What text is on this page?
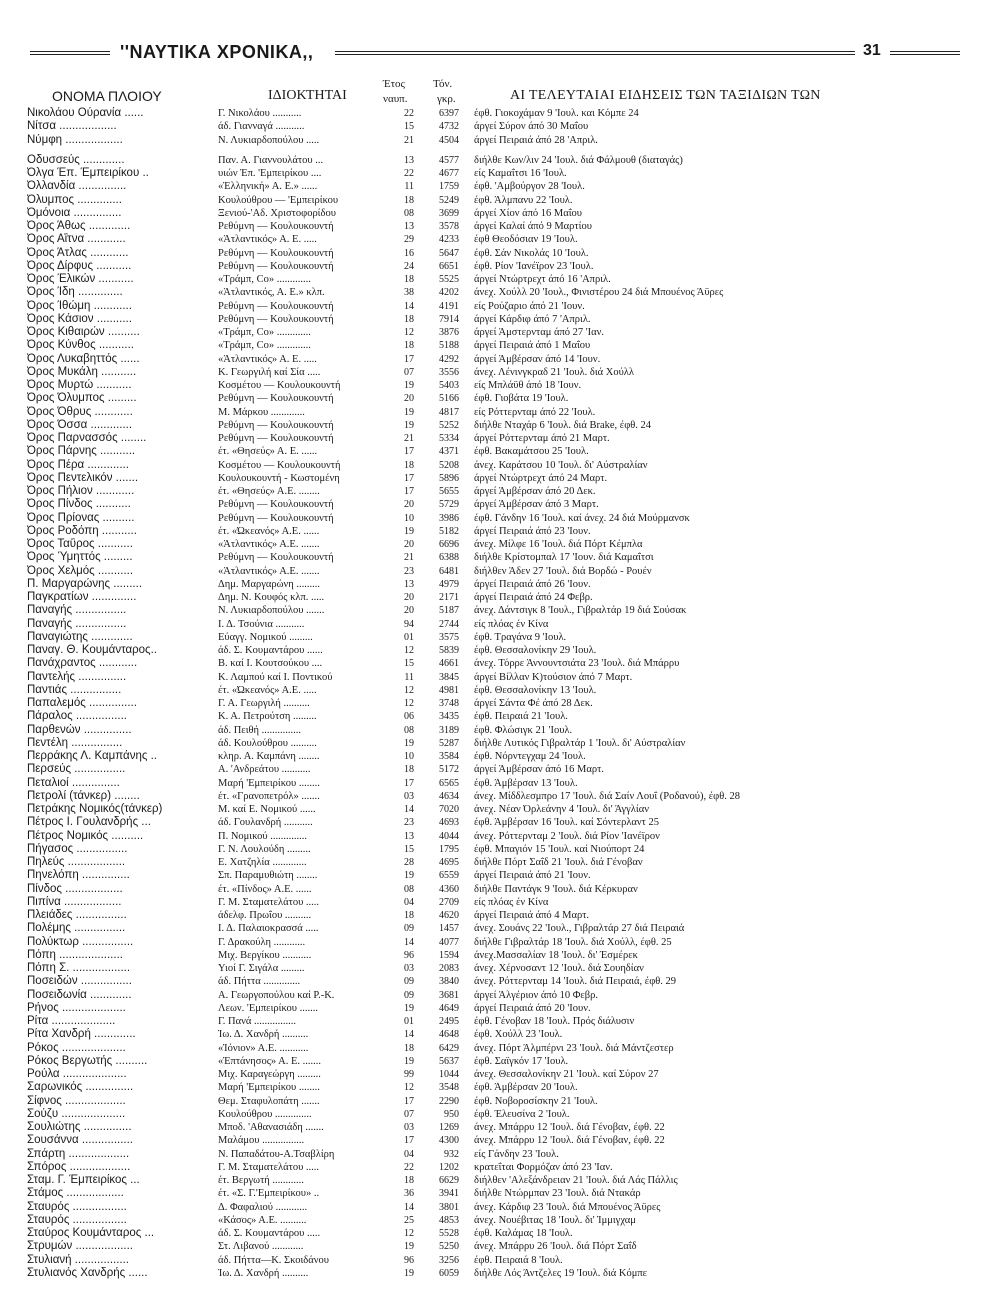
''ΝΑΥΤΙΚΑ ΧΡΟΝΙΚΑ,,	31
ΟΝΟΜΑ ΠΛΟΙΟΥ	ΙΔΙΟΚΤΗΤΑΙ
Έτος
ναυπ.
Τόν.
γκρ.	ΑΙ ΤΕΛΕΥΤΑΙΑΙ ΕΙΔΗΣΕΙΣ ΤΩΝ ΤΑΞΙΔΙΩΝ ΤΩΝ
Νικολάου Ούρανία ......	Γ. Νικολάου ...........	22	6397 έφθ. Γιοκοχάμαν 9 'Ιουλ. και Κόμπε 24
Νίτσα ..................	άδ. Γιανναγά ...........	15	4732 άργεί Σύρον άπό 30 Μαΐου
Νύμφη ..................	Ν. Λυκιαρδοπούλου .....	21	4504 άργεί Πειραιά άπό 28 'Απριλ.
Οδυσσεύς .............	Παν. Α. Γιαννουλάτου ...	13	4577 διήλθε Κων/λιν 24 'Ιουλ. διά Φάλμουθ (διαταγάς)
Όλγα Έπ. Έμπειρίκου ..	υιών Έπ. 'Εμπειρίκου ....	22	4677 είς Καμαΐτσι 16 'Ιουλ.
Όλλανδία ...............	«Έλληνική» Α. Ε.» ......	11	1759 έφθ. 'Αμβούργον 28 'Ιουλ.
Όλυμπος ..............	Κουλούθρου — 'Εμπειρίκου	18	5249 έφθ. Άλμπανυ 22 'Ιουλ.
Όμόνοια ...............	Ξενιού-'Αδ. Χριστοφορίδου	08	3699 άργεί Χίον άπό 16 Μαΐου
Όρος Άθως .............	Ρεθύμνη — Κουλουκουντή	13	3578 άργεί Καλαί άπό 9 Μαρτίου
Όρος Αΐτνα ............	«Άτλαντικός» Α. Ε. .....	29	4233 έφθ Θεοδόσιαν 19 'Ιουλ.
Όρος Άτλας ............	Ρεθύμνη — Κουλουκουντή	16	5647 έφθ. Σάν Νικολάς 10 'Ιουλ.
Όρος Δίρφυς ...........	Ρεθύμνη — Κουλουκουντή	24	6651 έφθ. Ρίον 'Ιανέϊρον 23 'Ιουλ.
Όρος Έλικών ...........	«Τράμπ, Co» .............	18	5525 άργεί Ντώρτρεχτ άπό 16 'Απριλ.
Όρος Ίδη ..............	«Άτλαντικός, Α. Ε.» κλπ.	38	4202 άνεχ. Χούλλ 20 'Ιουλ., Φινιστέρου 24 διά Μπουένος Άϋρες
Όρος Ίθώμη ............	Ρεθύμνη — Κουλουκουντή	14	4191 είς Ρούζαριο άπό 21 'Ιουν.
Όρος Κάσιον ...........	Ρεθύμνη — Κουλουκουντή	18	7914 άργεί Κάρδιφ άπό 7 'Απριλ.
Όρος Κιθαιρών ..........	«Τράμπ, Co» .............	12	3876 άργεί Άμστερνταμ άπό 27 'Ιαν.
Όρος Κύνθος ...........	«Τράμπ, Co» .............	18	5188 άργεί Πειραιά άπό 1 Μαΐου
Όρος Λυκαβηττός ......	«Άτλαντικός» Α. Ε. .....	17	4292 άργεί Άμβέρσαν άπό 14 'Ιουν.
Όρος Μυκάλη ...........	Κ. Γεωργιλή καί Σία .....	07	3556 άνεχ. Λένινγκραδ 21 'Ιουλ. διά Χούλλ
Όρος Μυρτώ ...........	Κοσμέτου — Κουλουκουντή	19	5403 είς Μπλάϋθ άπό 18 'Ιουν.
Όρος Όλυμπος .........	Ρεθύμνη — Κουλουκουντή	20	5166 έφθ. Γιοβάτα 19 'Ιουλ.
Όρος Όθρυς ............	Μ. Μάρκου .............	19	4817 είς Ρόττερνταμ άπό 22 'Ιουλ.
Όρος Όσσα .............	Ρεθύμνη — Κουλουκουντή	19	5252 διήλθε Νταχάρ 6 'Ιουλ. διά Brake, έφθ. 24
Όρος Παρνασσός ........	Ρεθύμνη — Κουλουκουντή	21	5334 άργεί Ρόττερνταμ άπό 21 Μαρτ.
Όρος Πάρνης ...........	έτ. «Θησεύς» Α. Ε. ......	17	4371 έφθ. Βακαμάτσου 25 'Ιουλ.
Όρος Πέρα .............	Κοσμέτου — Κουλουκουντή	18	5208 άνεχ. Καράτσου 10 'Ιουλ. δι' Αύστραλίαν
Όρος Πεντελικόν .......	Κουλουκουντή - Κωστομένη	17	5896 άργεί Ντώρτρεχτ άπό 24 Μαρτ.
Όρος Πήλιον ............	έτ. «Θησεύς» Α.Ε. ........	17	5655 άργεί Άμβέρσαν άπό 20 Δεκ.
Όρος Πίνδος ...........	Ρεθύμνη — Κουλουκουντή	20	5729 άργεί Άμβέρσαν άπό 3 Μαρτ.
Όρος Πρίονας ..........	Ρεθύμνη — Κουλουκουντή	10	3986 έφθ. Γάνδην 16 'Ιουλ. καί άνεχ. 24 διά Μούρμανσκ
Όρος Ροδόπη ...........	έτ. «Ώκεανός» Α.Ε. ......	19	5182 άργεί Πειραιά άπό 23 'Ιουν.
Όρος Ταΰρος ...........	«Άτλαντικός» Α.Ε. .......	20	6696 άνεχ. Μίλφε 16 'Ιουλ. διά Πόρτ Κέμπλα
Όρος Ύμηττός .........	Ρεθύμνη — Κουλουκουντή	21	6388 διήλθε Κρίστομπαλ 17 'Ιουν. διά Καμαΐτσι
Όρος Χελμός ...........	«Άτλαντικός» Α.Ε. .......	23	6481 διήλθεν Άδεν 27 'Ιουλ. διά Βορδώ - Ρουέν
Π. Μαργαρώνης .........	Δημ. Μαργαρώνη .........	13	4979 άργεί Πειραιά άπό 26 'Ιουν.
Παγκρατίων ..............	Δημ. Ν. Κουφός κλπ. .....	20	2171 άργεί Πειραιά άπό 24 Φεβρ.
Παναγής ................	Ν. Λυκιαρδοπούλου .......	20	5187 άνεχ. Δάντσιγκ 8 'Ιουλ., Γιβραλτάρ 19 διά Σούσακ
Παναγής ................	Ι. Δ. Τσούνια ...........	94	2744 είς πλόας έν Κίνα
Παναγιώτης .............	Εύαγγ. Νομικού .........	01	3575 έφθ. Τραγάνα 9 'Ιουλ.
Παναγ. Θ. Κουμάνταρος..	άδ. Σ. Κουμαντάρου ......	12	5839 έφθ. Θεσσαλονίκην 29 'Ιουλ.
Πανάχραντος ............	Β. καί Ι. Κουτσούκου ....	15	4661 άνεχ. Τόρρε Άννουντσιάτα 23 'Ιουλ. διά Μπάρρυ
Παντελής ...............	Κ. Λαμπού καί Ι. Ποντικού	11	3845 άργεί Βίλλαν Κ)τούσιον άπό 7 Μαρτ.
Παντιάς ................	έτ. «Ώκεανός» Α.Ε. .....	12	4981 έφθ. Θεσσαλονίκην 13 'Ιουλ.
Παπαλεμός ...............	Γ. Α. Γεωργιλή ..........	12	3748 άργεί Σάντα Φέ άπό 28 Δεκ.
Πάραλος ................	Κ. Α. Πετρούτση .........	06	3435 έφθ. Πειραιά 21 'Ιουλ.
Παρθενών ...............	άδ. Πειθή ...............	08	3189 έφθ. Φλώσιγκ 21 'Ιουλ.
Πεντέλη ................	άδ. Κουλούθρου ..........	19	5287 διήλθε Λυτικός Γιβραλτάρ 1 'Ιουλ. δι' Αύστραλίαν
Περράκης Λ. Καμπάνης ..	κληρ. Α. Καμπάνη ........	10	3584 έφθ. Νόρντεγχαμ 24 'Ιουλ.
Περσεύς ................	Α. 'Ανδρεάτου ...........	18	5172 άργεί Άμβέρσαν άπό 16 Μαρτ.
Πεταλιοί ...............	Μαρή 'Εμπειρίκου ........	17	6565 έφθ. Άμβέρσαν 13 'Ιουλ.
Πετρολί (τάνκερ) ........	έτ. «Γρανοπετρόλ» .......	03	4634 άνεχ. Μίδδλεσμπρο 17 'Ιουλ. διά Σαίν Λουΐ (Ροδανού), έφθ. 28
Πετράκης Νομικός(τάνκερ)	Μ. καί Ε. Νομικού ......	14	7020 άνεχ. Νέαν Όρλεάνην 4 'Ιουλ. δι' Άγγλίαν
Πέτρος Ι. Γουλανδρής ...	άδ. Γουλανδρή ...........	23	4693 έφθ. Άμβέρσαν 16 'Ιουλ. καί Σόντερλαντ 25
Πέτρος Νομικός ..........	Π. Νομικού ..............	13	4044 άνεχ. Ρόττερνταμ 2 'Ιουλ. διά Ρίον 'Ιανέϊρον
Πήγασος ................	Γ. Ν. Λουλούδη .........	15	1795 έφθ. Μπαγιόν 15 'Ιουλ. καί Νιούπορτ 24
Πηλεύς ..................	Ε. Χατζηλία .............	28	4695 διήλθε Πόρτ Σαΐδ 21 'Ιουλ. διά Γένοβαν
Πηνελόπη ...............	Σπ. Παραμυθιώτη ........	19	6559 άργεί Πειραιά άπό 21 'Ιουν.
Πίνδος ..................	έτ. «Πίνδος» Α.Ε. ......	08	4360 διήλθε Παντάγκ 9 'Ιουλ. διά Κέρκυραν
Πιπίνα ..................	Γ. Μ. Σταματελάτου .....	04	2709 είς πλόας έν Κίνα
Πλειάδες ................	άδελφ. Πρωΐου ..........	18	4620 άργεί Πειραιά άπό 4 Μαρτ.
Πολέμης ................	Ι. Δ. Παλαιοκρασσά .....	09	1457 άνεχ. Σουάνς 22 'Ιουλ., Γιβραλτάρ 27 διά Πειραιά
Πολύκτωρ ................	Γ. Δρακούλη ............	14	4077 διήλθε Γιβραλτάρ 18 'Ιουλ. διά Χούλλ, έφθ. 25
Πόπη ....................	Μιχ. Βεργίκου ...........	96	1594 άνεχ.Μασσαλίαν 18 'Ιουλ. δι' Έσμέρεκ
Πόπη Σ. ..................	Υιοί Γ. Σιγάλα .........	03	2083 άνεχ. Χέρνοσαντ 12 'Ιουλ. διά Σουηδίαν
Ποσειδών ................	άδ. Πήττα ..............	09	3840 άνεχ. Ρόττερνταμ 14 'Ιουλ. διά Πειραιά, έφθ. 29
Ποσειδωνία .............	Α. Γεωργοπούλου καί Ρ.-Κ.	09	3681 άργεί Άλγέριον άπό 10 Φεβρ.
Ρήνος ....................	Λεων. 'Εμπειρίκου .......	19	4649 άργεί Πειραιά άπό 20 'Ιουν.
Ρίτα ....................	Γ. Πανά ................	01	2495 έφθ. Γένοβαν 18 'Ιουλ. Πρός διάλυσιν
Ρίτα Χανδρή .............	Ίω. Δ. Χανδρή ..........	14	4648 έφθ. Χούλλ 23 'Ιουλ.
Ρόκος ....................	«Ίόνιον» Α.Ε. ...........	18	6429 άνεχ. Πόρτ Άλμπέρνι 23 'Ιουλ. διά Μάντζεστερ
Ρόκος Βεργωτής ..........	«Έπτάνησος» Α. Ε. .......	19	5637 έφθ. Σαϊγκόν 17 'Ιουλ.
Ρούλα ....................	Μιχ. Καραγεώργη .........	99	1044 άνεχ. Θεσσαλονίκην 21 'Ιουλ. καί Σύρον 27
Σαρωνικός ...............	Μαρή 'Εμπειρίκου ........	12	3548 έφθ. Άμβέρσαν 20 'Ιουλ.
Σίφνος ...................	Θεμ. Σταφυλοπάτη .......	17	2290 έφθ. Νοβοροσίσκην 21 'Ιουλ.
Σούζυ ....................	Κουλούθρου ..............	07	950 έφθ. Έλευσίνα 2 'Ιουλ.
Σουλιώτης ...............	Μποδ. 'Αθανασιάδη .......	03	1269 άνεχ. Μπάρρυ 12 'Ιουλ. διά Γένοβαν, έφθ. 22
Σουσάννα ................	Μαλάμου ................	17	4300 άνεχ. Μπάρρυ 12 'Ιουλ. διά Γένοβαν, έφθ. 22
Σπάρτη ...................	Ν. Παπαδάτου-Α.Τσαβλίρη	04	932 είς Γάνδην 23 'Ιουλ.
Σπόρος ...................	Γ. Μ. Σταματελάτου .....	22	1202 κρατεΐται Φορμόζαν άπό 23 'Ιαν.
Σταμ. Γ. Έμπειρίκος ...	έτ. Βεργωτή ............	18	6629 διήλθεν 'Αλεξάνδρειαν 21 'Ιουλ. διά Λάς Πάλλις
Στάμος ..................	έτ. «Σ. Γ.'Εμπειρίκου» ..	36	3941 διήλθε Ντώρμπαν 23 'Ιουλ. διά Ντακάρ
Σταυρός .................	Δ. Φαφαλιού ............	14	3801 άνεχ. Κάρδιφ 23 'Ιουλ. διά Μπουένος Άϋρες
Σταυρός .................	«Κάσος» Α.Ε. ..........	25	4853 άνεχ. Νουέβιτας 18 'Ιουλ. δι' Ίμμιγχαμ
Σταύρος Κουμάνταρος ...	άδ. Σ. Κουμαντάρου .....	12	5528 έφθ. Καλάμας 18 'Ιουλ.
Στρυμών ..................	Στ. Λιβανού ............	19	5250 άνεχ. Μπάρρυ 26 'Ιουλ. διά Πόρτ Σαΐδ
Στυλιανή .................	άδ. Πήττα—Κ. Σκοιδάνου	96	3256 έφθ. Πειραιά 8 'Ιουλ.
Στυλιανός Χανδρής ......	Ίω. Δ. Χανδρή ..........	19	6059 διήλθε Λός Άντζελες 19 'Ιουλ. διά Κόμπε
